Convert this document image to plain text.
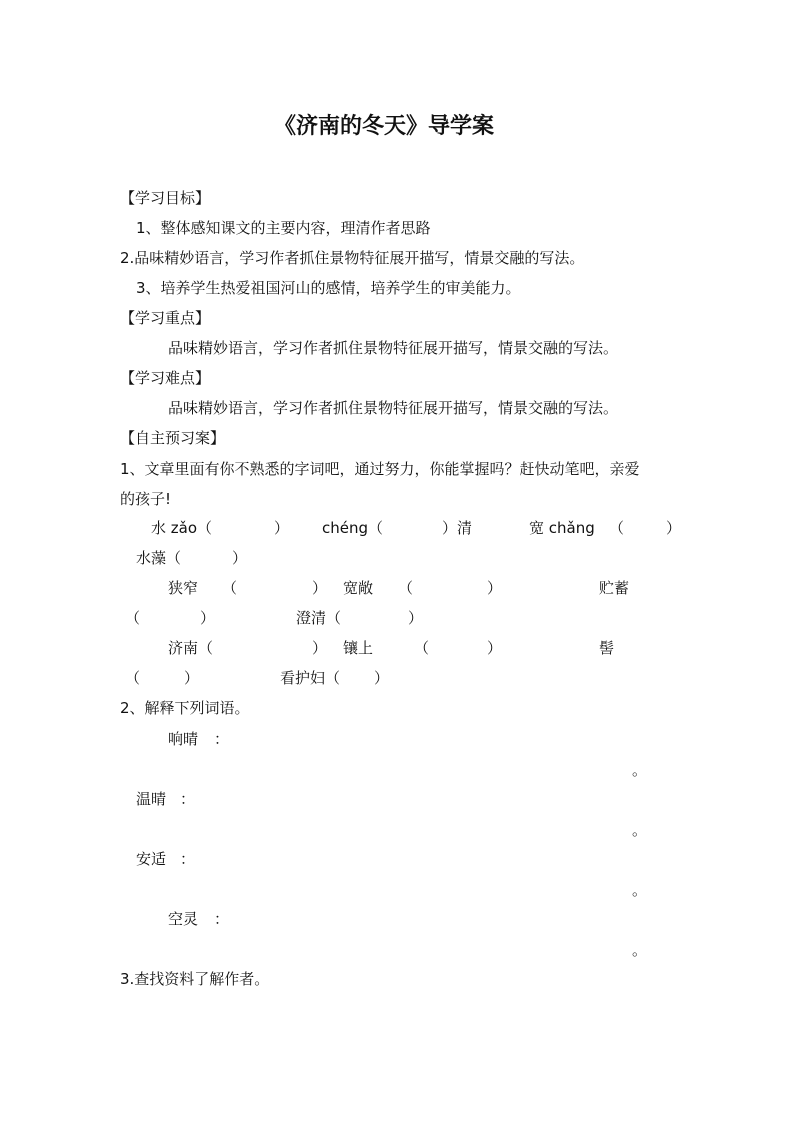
《济南的冬天》导学案
【学习目标】
1、整体感知课文的主要内容，理清作者思路
2.品味精妙语言，学习作者抓住景物特征展开描写，情景交融的写法。
3、培养学生热爱祖国河山的感情，培养学生的审美能力。
【学习重点】
品味精妙语言，学习作者抓住景物特征展开描写，情景交融的写法。
【学习难点】
品味精妙语言，学习作者抓住景物特征展开描写，情景交融的写法。
【自主预习案】
1、文章里面有你不熟悉的字词吧，通过努力，你能掌握吗？赶快动笔吧，亲爱
的孩子!
水 zǎo（	） chéng（	）清	宽 chǎng （	）
水藻（	）
狭窄 （	） 宽敞 （	）	贮蓄
（	）	澄清（	）
济南（	） 镶上	（	）	髻
（	）	看护妇（ ）
2、解释下列词语。
响晴 ：
。
温晴 ：
。
安适 ：
。
空灵 ：
。
3.查找资料了解作者。
